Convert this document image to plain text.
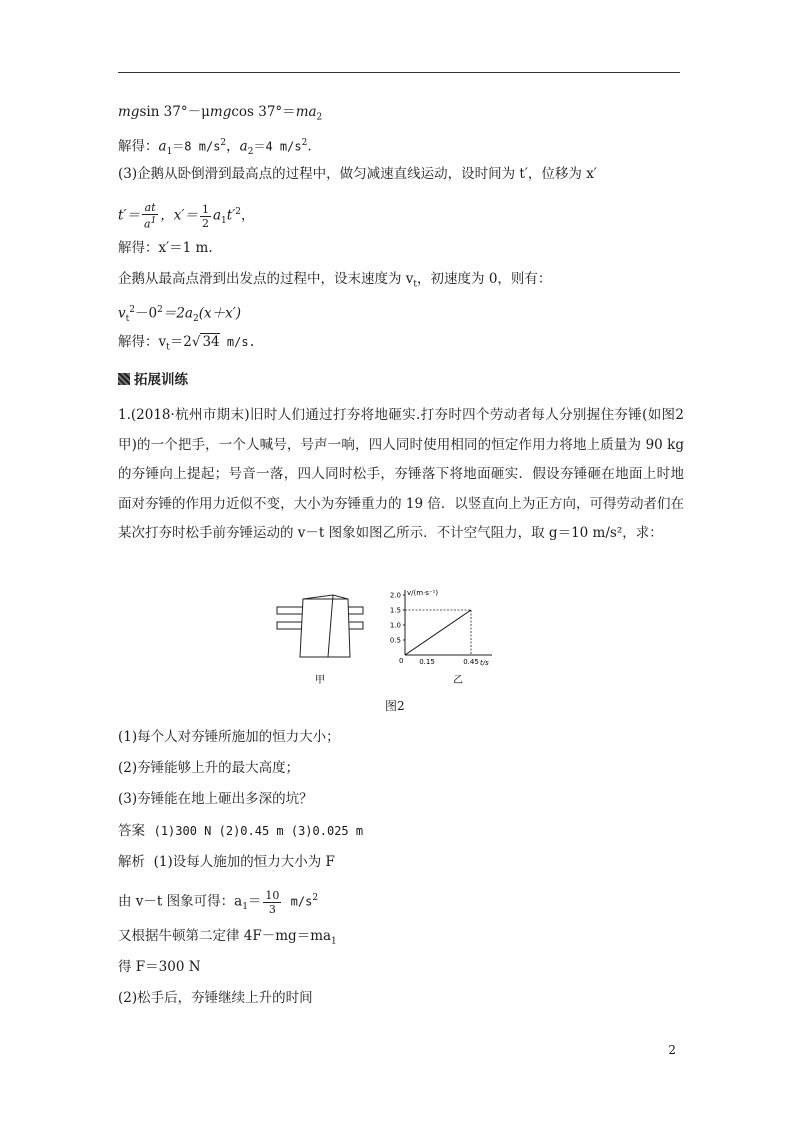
mgsin 37°－μmgcos $37^\circ=ma_2$
解得：$a_1=8$ $m/s^2$，$a_2=4$ $m/s^2$.
(3)企鹅从卧倒滑到最高点的过程中，做匀减速直线运动，设时间为 t′，位移为 x′
$t'= \frac{at}{a^1}$ ，$x'= \frac{1}{2} a_1t'^2$，
解得：x′＝1 m.
企鹅从最高点滑到出发点的过程中，设末速度为 $v_t$，初速度为 0，则有：
$v_t^2-0^2=2a_2(x+x')$
解得：$v_t=2√$ 34 m/s.
拓展训练
1.(2018·杭州市期末)旧时人们通过打夯将地砸实.打夯时四个劳动者每人分别握住夯锤(如图2甲)的一个把手，一个人喊号，号声一响，四人同时使用相同的恒定作用力将地上质量为 90 kg 的夯锤向上提起；号音一落，四人同时松手，夯锤落下将地面砸实．假设夯锤砸在地面上时地面对夯锤的作用力近似不变，大小为夯锤重力的 19 倍．以竖直向上为正方向，可得劳动者们在某次打夯时松手前夯锤运动的 v－t 图象如图乙所示．不计空气阻力，取 g＝10 m/s²，求：
甲
v/(m·s⁻¹)
t/s
0
0.5
1.0
1.5
2.0
0.15	0.45
乙
图2
(1)每个人对夯锤所施加的恒力大小；
(2)夯锤能够上升的最大高度；
(3)夯锤能在地上砸出多深的坑？
答案 (1)300 N (2)0.45 m (3)0.025 m
解析 (1)设每人施加的恒力大小为 F
由 v－t 图象可得：$a_1= \frac{10}{3} m/s^2$
又根据牛顿第二定律 $4F-mg=ma_1$
得 F＝300 N
(2)松手后，夯锤继续上升的时间
2
